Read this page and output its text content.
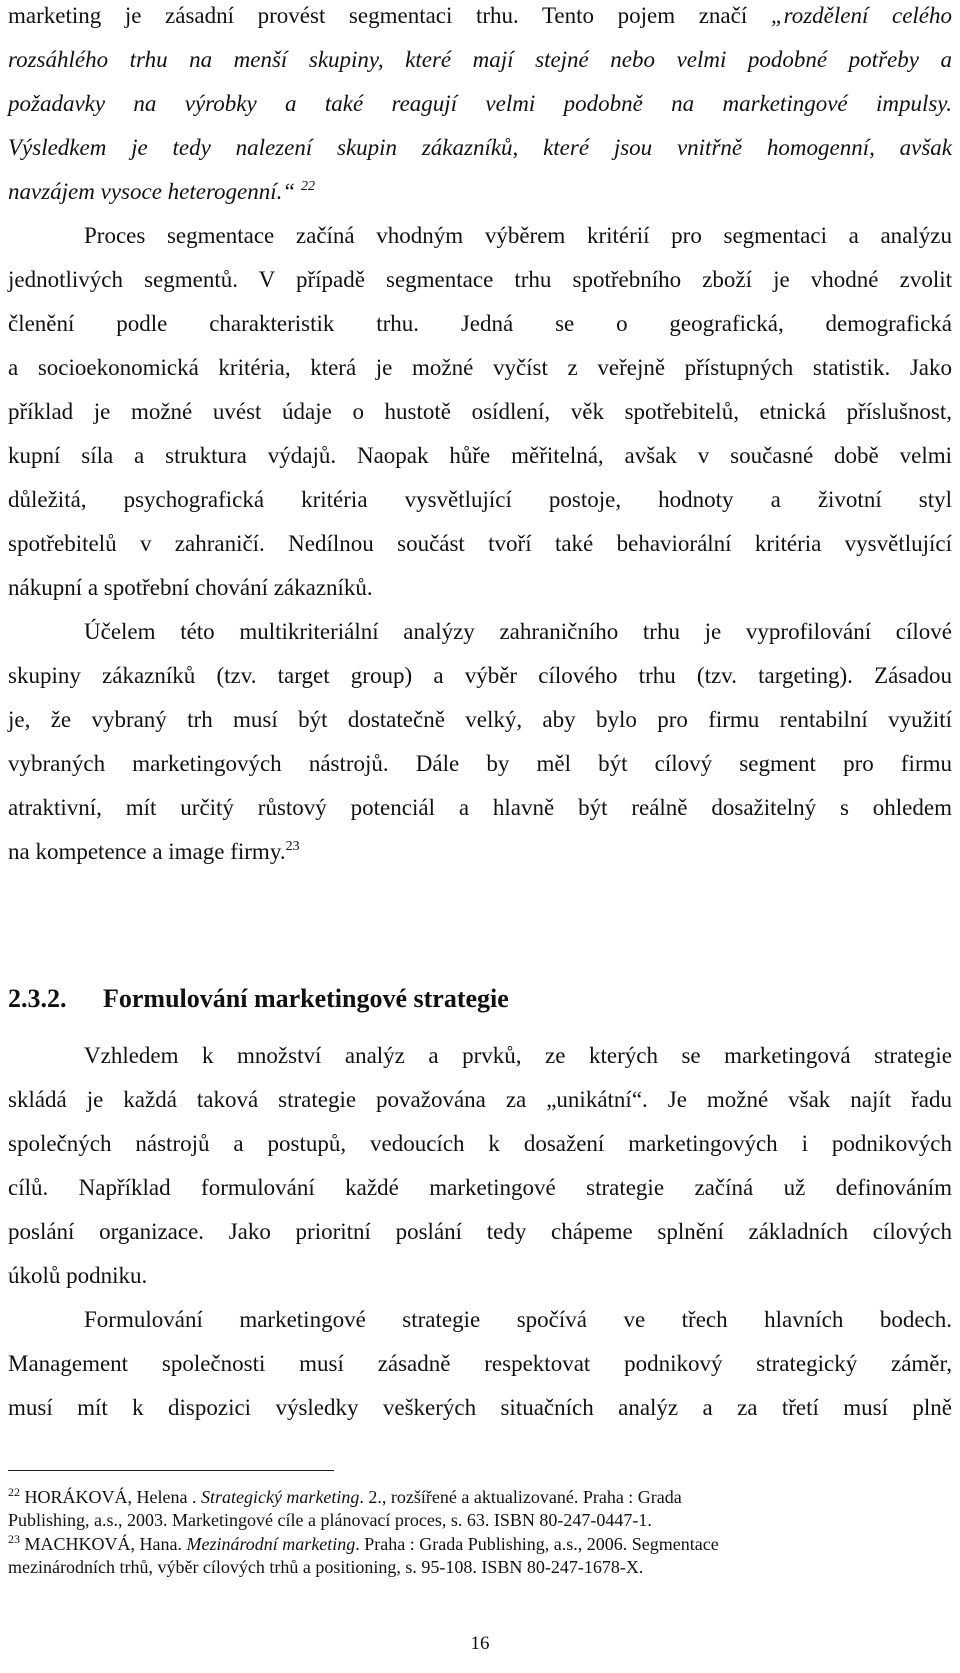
marketing je zásadní provést segmentaci trhu. Tento pojem značí „rozdělení celého
rozsáhlého trhu na menší skupiny, které mají stejné nebo velmi podobné potřeby a
požadavky na výrobky a také reagují velmi podobně na marketingové impulsy.
Výsledkem je tedy nalezení skupin zákazníků, které jsou vnitřně homogenní, avšak
navzájem vysoce heterogenní.“ $^{22}$
Proces segmentace začíná vhodným výběrem kritérií pro segmentaci a analýzu
jednotlivých segmentů. V případě segmentace trhu spotřebního zboží je vhodné zvolit
členění podle charakteristik trhu. Jedná se o geografická, demografická
a socioekonomická kritéria, která je možné vyčíst z veřejně přístupných statistik. Jako
příklad je možné uvést údaje o hustotě osídlení, věk spotřebitelů, etnická příslušnost,
kupní síla a struktura výdajů. Naopak hůře měřitelná, avšak v současné době velmi
důležitá, psychografická kritéria vysvětlující postoje, hodnoty a životní styl
spotřebitelů v zahraničí. Nedílnou součást tvoří také behaviorální kritéria vysvětlující
nákupní a spotřební chování zákazníků.
Účelem této multikriteriální analýzy zahraničního trhu je vyprofilování cílové
skupiny zákazníků (tzv. target group) a výběr cílového trhu (tzv. targeting). Zásadou
je, že vybraný trh musí být dostatečně velký, aby bylo pro firmu rentabilní využití
vybraných marketingových nástrojů. Dále by měl být cílový segment pro firmu
atraktivní, mít určitý růstový potenciál a hlavně být reálně dosažitelný s ohledem
na kompetence a image firmy.$^{23}$
2.3.2. Formulování marketingové strategie
Vzhledem k množství analýz a prvků, ze kterých se marketingová strategie
skládá je každá taková strategie považována za „unikátní“. Je možné však najít řadu
společných nástrojů a postupů, vedoucích k dosažení marketingových i podnikových
cílů. Například formulování každé marketingové strategie začíná už definováním
poslání organizace. Jako prioritní poslání tedy chápeme splnění základních cílových
úkolů podniku.
Formulování marketingové strategie spočívá ve třech hlavních bodech.
Management společnosti musí zásadně respektovat podnikový strategický záměr,
musí mít k dispozici výsledky veškerých situačních analýz a za třetí musí plně
$^{22}$ HORÁKOVÁ, Helena . Strategický marketing. 2., rozšířené a aktualizované. Praha : Grada
Publishing, a.s., 2003. Marketingové cíle a plánovací proces, s. 63. ISBN 80-247-0447-1.
$^{23}$ MACHKOVÁ, Hana. Mezinárodní marketing. Praha : Grada Publishing, a.s., 2006. Segmentace
mezinárodních trhů, výběr cílových trhů a positioning, s. 95-108. ISBN 80-247-1678-X.
16
